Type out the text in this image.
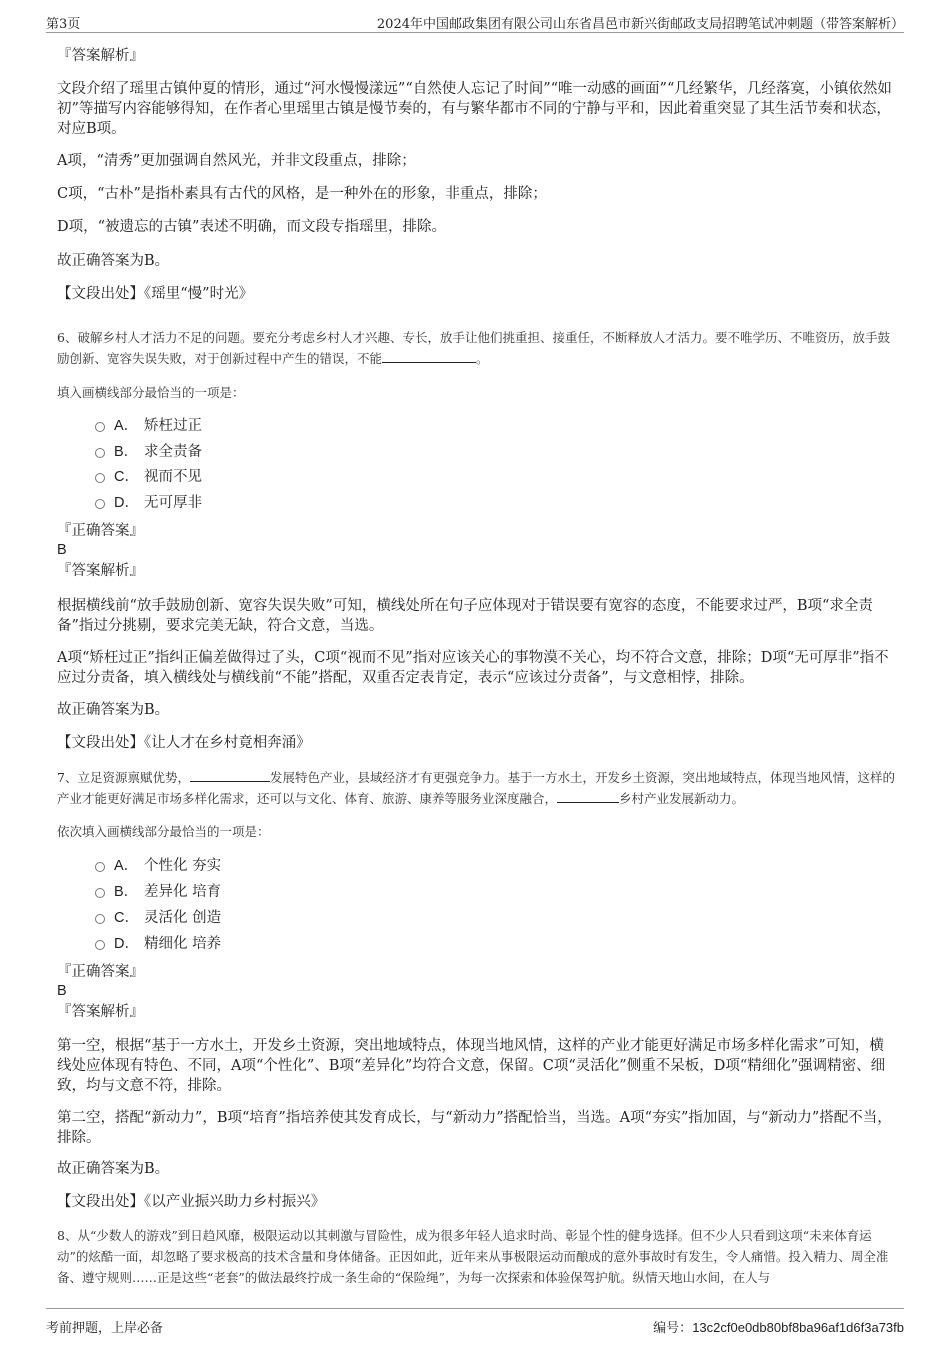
第3页	2024年中国邮政集团有限公司山东省昌邑市新兴街邮政支局招聘笔试冲刺题（带答案解析）
『答案解析』
文段介绍了瑶里古镇仲夏的情形，通过“河水慢慢漾远”“自然使人忘记了时间”“唯一动感的画面”“几经繁华，几经落寞，小镇依然如初”等描写内容能够得知，在作者心里瑶里古镇是慢节奏的，有与繁华都市不同的宁静与平和，因此着重突显了其生活节奏和状态，对应B项。
A项，“清秀”更加强调自然风光，并非文段重点，排除；
C项，“古朴”是指朴素具有古代的风格，是一种外在的形象，非重点，排除；
D项，“被遗忘的古镇”表述不明确，而文段专指瑶里，排除。
故正确答案为B。
【文段出处】《瑶里“慢”时光》
6、破解乡村人才活力不足的问题。要充分考虑乡村人才兴趣、专长，放手让他们挑重担、接重任，不断释放人才活力。要不唯学历、不唯资历，放手鼓励创新、宽容失误失败，对于创新过程中产生的错误，不能	。
填入画横线部分最恰当的一项是：
A． 矫枉过正
B． 求全责备
C． 视而不见
D． 无可厚非
『正确答案』
B
『答案解析』
根据横线前“放手鼓励创新、宽容失误失败”可知，横线处所在句子应体现对于错误要有宽容的态度，不能要求过严，B项“求全责备”指过分挑剔，要求完美无缺，符合文意，当选。
A项“矫枉过正”指纠正偏差做得过了头，C项“视而不见”指对应该关心的事物漠不关心，均不符合文意，排除；D项“无可厚非”指不应过分责备，填入横线处与横线前“不能”搭配，双重否定表肯定，表示“应该过分责备”，与文意相悖，排除。
故正确答案为B。
【文段出处】《让人才在乡村竟相奔涌》
7、立足资源禀赋优势，	发展特色产业，县域经济才有更强竞争力。基于一方水土，开发乡土资源，突出地域特点，体现当地风情，这样的产业才能更好满足市场多样化需求，还可以与文化、体育、旅游、康养等服务业深度融合，	乡村产业发展新动力。
依次填入画横线部分最恰当的一项是：
A． 个性化 夯实
B． 差异化 培育
C． 灵活化 创造
D． 精细化 培养
『正确答案』
B
『答案解析』
第一空，根据“基于一方水土，开发乡土资源，突出地域特点，体现当地风情，这样的产业才能更好满足市场多样化需求”可知，横线处应体现有特色、不同，A项“个性化”、B项“差异化”均符合文意，保留。C项“灵活化”侧重不呆板，D项“精细化”强调精密、细致，均与文意不符，排除。
第二空，搭配“新动力”，B项“培育”指培养使其发育成长，与“新动力”搭配恰当，当选。A项“夯实”指加固，与“新动力”搭配不当，排除。
故正确答案为B。
【文段出处】《以产业振兴助力乡村振兴》
8、从“少数人的游戏”到日趋风靡，极限运动以其刺激与冒险性，成为很多年轻人追求时尚、彰显个性的健身选择。但不少人只看到这项“未来体育运动”的炫酷一面，却忽略了要求极高的技术含量和身体储备。正因如此，近年来从事极限运动而酿成的意外事故时有发生，令人痛惜。投入精力、周全准备、遵守规则……正是这些“老套”的做法最终拧成一条生命的“保险绳”，为每一次探索和体验保驾护航。纵情天地山水间，在人与
考前押题，上岸必备	编号：13c2cf0e0db80bf8ba96af1d6f3a73fb
